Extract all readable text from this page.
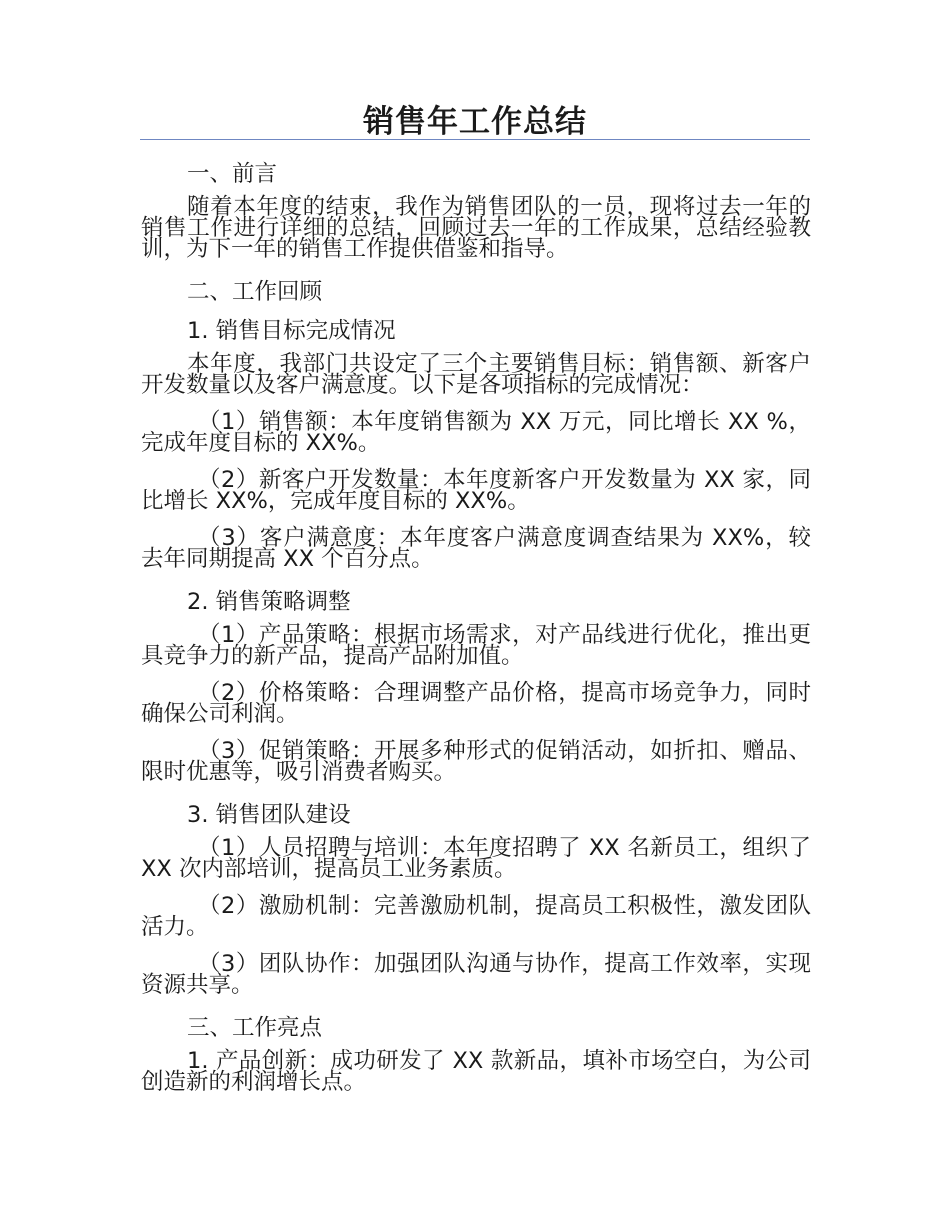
销售年工作总结

一、前言

随着本年度的结束，我作为销售团队的一员，现将过去一年的销售工作进行详细的总结，回顾过去一年的工作成果，总结经验教训，为下一年的销售工作提供借鉴和指导。

二、工作回顾

1. 销售目标完成情况

本年度，我部门共设定了三个主要销售目标：销售额、新客户开发数量以及客户满意度。以下是各项指标的完成情况：

（1）销售额：本年度销售额为 XX 万元，同比增长 XX %，完成年度目标的 XX%。

（2）新客户开发数量：本年度新客户开发数量为 XX 家，同比增长 XX%，完成年度目标的 XX%。

（3）客户满意度：本年度客户满意度调查结果为 XX%，较去年同期提高 XX 个百分点。

2. 销售策略调整

（1）产品策略：根据市场需求，对产品线进行优化，推出更具竞争力的新产品，提高产品附加值。

（2）价格策略：合理调整产品价格，提高市场竞争力，同时确保公司利润。

（3）促销策略：开展多种形式的促销活动，如折扣、赠品、限时优惠等，吸引消费者购买。

3. 销售团队建设

（1）人员招聘与培训：本年度招聘了 XX 名新员工，组织了 XX 次内部培训，提高员工业务素质。

（2）激励机制：完善激励机制，提高员工积极性，激发团队活力。

（3）团队协作：加强团队沟通与协作，提高工作效率，实现资源共享。

三、工作亮点

1. 产品创新：成功研发了 XX 款新品，填补市场空白，为公司创造新的利润增长点。
